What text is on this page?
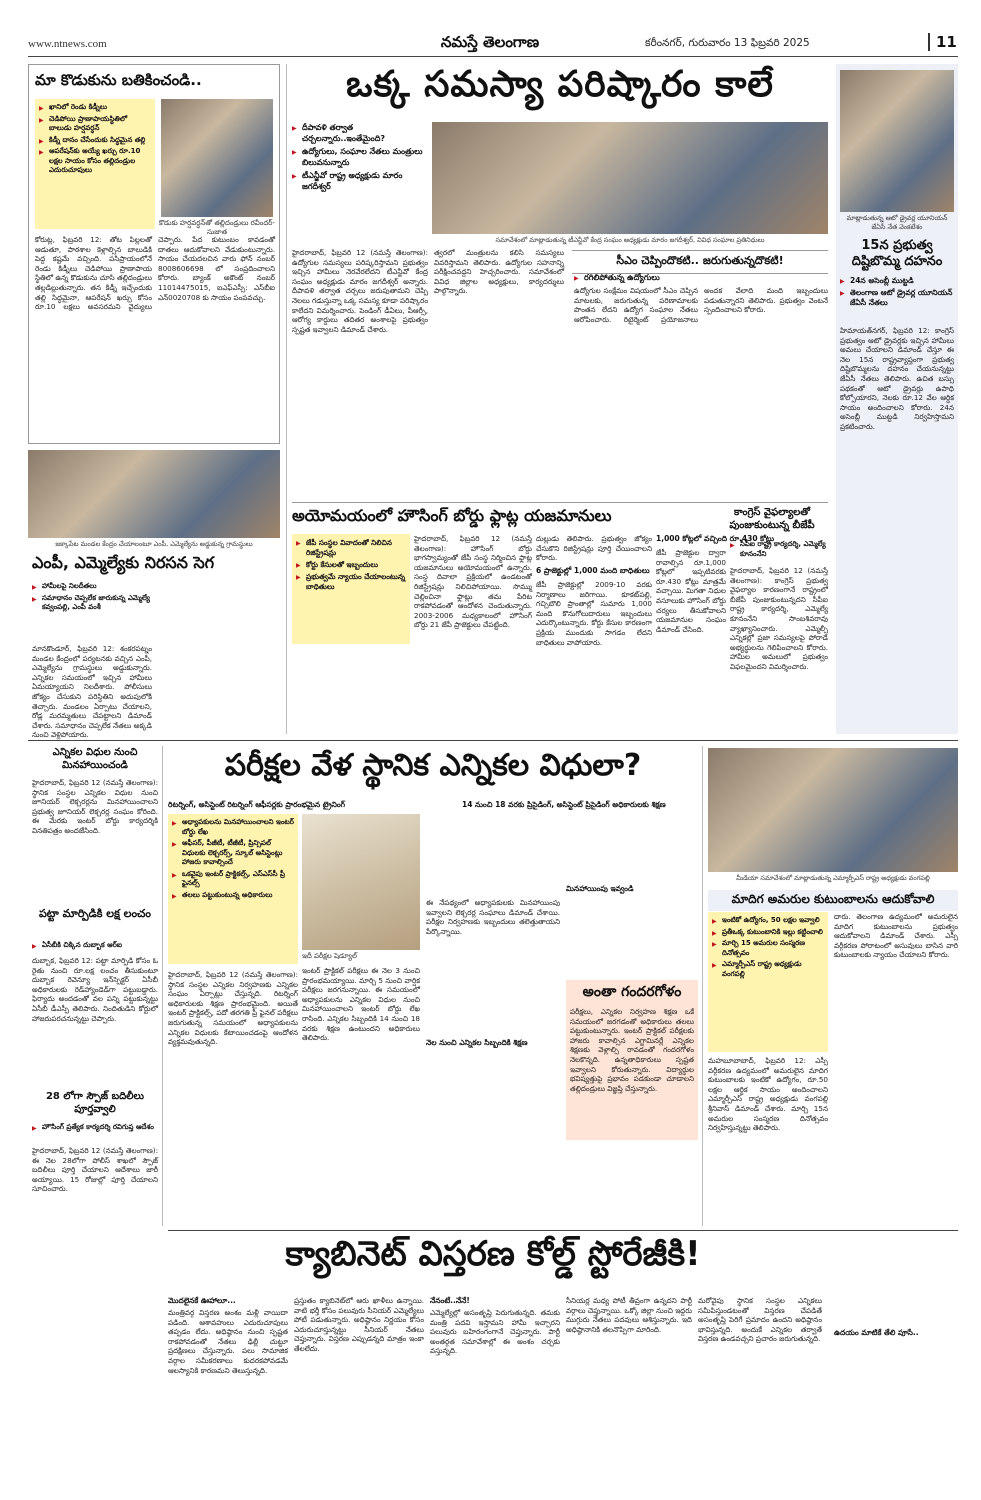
www.ntnews.com	నమస్తే తెలంగాణ	కరీంనగర్, గురువారం 13 ఫిబ్రవరి 2025	11
మా కొడుకును బతికించండి..
▶ ఖానిలో రెండు కిడ్నీలు
▶ చెడిపోయి ప్రాణాపాయస్థితిలో బాలుడు హర్షవర్ధన్
▶ కిడ్నీ దానం చేసేందుకు సిద్ధమైన తల్లి
▶ ఆపరేషన్‌కు అయ్యే ఖర్చు రూ.10 లక్షల సాయం కోసం తల్లిదండ్రుల ఎదురుచూపులు
కొడుకు హర్షవర్ధన్‌తో తల్లిదండ్రులు రవీందర్-సుజాత
కోరుట్ల, ఫిబ్రవరి 12: తోట పిల్లలతో ఆడుతూ, పాఠశాల కెళ్లాల్సిన బాలుడికి పెద్ద కష్టమే వచ్చింది. పసిప్రాయంలోనే రెండు కిడ్నీలు చెడిపోయి ప్రాణాపాయ స్థితిలో ఉన్న కొడుకును చూసి తల్లిదండ్రులు తల్లడిల్లుతున్నారు. తన కిడ్నీ ఇచ్చేందుకు తల్లి సిద్ధమైనా, ఆపరేషన్ ఖర్చు కోసం రూ.10 లక్షలు అవసరమని వైద్యులు చెప్పారు. పేద కుటుంబం కావడంతో దాతలు ఆదుకోవాలని వేడుకుంటున్నారు. సాయం చేయదలచిన వారు ఫోన్ నంబర్ 8008606698 లో సంప్రదించాలని కోరారు. బ్యాంక్ అకౌంట్ నంబర్ 11014475015, ఐఎఫ్ఎస్సీ: ఎస్‌బీఐ ఎన్0020708 కు సాయం పంపవచ్చు.
జక్కాపేట మండల కేంద్రం చేయాలంటూ ఎంపీ, ఎమ్మెల్యేను అడ్డుకున్న గ్రామస్థులు
ఎంపీ, ఎమ్మెల్యేకు నిరసన సెగ
▶ హామీలపై నిలదీతలు
▶ సమాధానం చెప్పలేక జారుకున్న ఎమ్మెల్యే కవ్వంపల్లి, ఎంపీ వంశీ
మానకొండూర్, ఫిబ్రవరి 12: శంకరపట్నం మండల కేంద్రంలో పర్యటనకు వచ్చిన ఎంపీ, ఎమ్మెల్యేను గ్రామస్థులు అడ్డుకున్నారు. ఎన్నికల సమయంలో ఇచ్చిన హామీలు ఏమయ్యాయని నిలదీశారు. పోలీసులు జోక్యం చేసుకుని పరిస్థితిని అదుపులోకి తెచ్చారు. మండలం ఏర్పాటు చేయాలని, రోడ్ల మరమ్మతులు చేపట్టాలని డిమాండ్ చేశారు. సమాధానం చెప్పలేక నేతలు అక్కడి నుంచి వెళ్లిపోయారు.
ఒక్క సమస్యా పరిష్కారం కాలే
▶ దీపావళి తర్వాత చర్చలన్నారు..ఇంతేమైంది?
▶ ఉద్యోగులు, సంఘాల నేతలు మంత్రులు బిలువనున్నారు
▶ టీఎన్జీవో రాష్ట్ర అధ్యక్షుడు మారం జగదీశ్వర్
సమావేశంలో మాట్లాడుతున్న టీఎన్జీవో కేంద్ర సంఘం అధ్యక్షుడు మారం జగదీశ్వర్, వివిధ సంఘాల ప్రతినిధులు
హైదరాబాద్, ఫిబ్రవరి 12 (నమస్తే తెలంగాణ): ఉద్యోగుల సమస్యలు పరిష్కరిస్తామని ప్రభుత్వం ఇచ్చిన హామీలు నెరవేరలేదని టీఎన్జీవో కేంద్ర సంఘం అధ్యక్షుడు మారం జగదీశ్వర్ అన్నారు. దీపావళి తర్వాత చర్చలు జరుపుతామని చెప్పి నెలలు గడుస్తున్నా ఒక్క సమస్య కూడా పరిష్కారం కాలేదని విమర్శించారు. పెండింగ్ డీఏలు, పీఆర్సీ, ఆరోగ్య కార్డులు తదితర అంశాలపై ప్రభుత్వం స్పష్టత ఇవ్వాలని డిమాండ్ చేశారు.
త్వరలో మంత్రులను కలిసి సమస్యలు వివరిస్తామని తెలిపారు. ఉద్యోగుల సహనాన్ని పరీక్షించవద్దని హెచ్చరించారు. సమావేశంలో వివిధ జిల్లాల అధ్యక్షులు, కార్యదర్శులు పాల్గొన్నారు.
సీఎం చెప్పిందొకటి.. జరుగుతున్నదొకటి!
▶ రగిలిపోతున్న ఉద్యోగులు
ఉద్యోగుల సంక్షేమం విషయంలో సీఎం చెప్పిన మాటలకు, జరుగుతున్న పరిణామాలకు పొంతన లేదని ఉద్యోగ సంఘాల నేతలు ఆరోపించారు. రిటైర్మెంట్ ప్రయోజనాలు అందక వేలాది మంది ఇబ్బందులు పడుతున్నారని తెలిపారు. ప్రభుత్వం వెంటనే స్పందించాలని కోరారు.
మాట్లాడుతున్న ఆటో డ్రైవర్ల యూనియన్ జేఏసీ నేత వెంకటేశం
15న ప్రభుత్వ దిష్టిబొమ్మ దహనం
▶ 24న అసెంబ్లీ ముట్టడి
▶ తెలంగాణ ఆటో డ్రైవర్ల యూనియన్ జేఏసీ నేతలు
హిమాయత్‌నగర్, ఫిబ్రవరి 12: కాంగ్రెస్ ప్రభుత్వం ఆటో డ్రైవర్లకు ఇచ్చిన హామీలు అమలు చేయాలని డిమాండ్ చేస్తూ ఈ నెల 15న రాష్ట్రవ్యాప్తంగా ప్రభుత్వ దిష్టిబొమ్మలను దహనం చేయనున్నట్టు జేఏసీ నేతలు తెలిపారు. ఉచిత బస్సు పథకంతో ఆటో డ్రైవర్లు ఉపాధి కోల్పోయారని, నెలకు రూ.12 వేల ఆర్థిక సాయం అందించాలని కోరారు. 24న అసెంబ్లీ ముట్టడి నిర్వహిస్తామని ప్రకటించారు.
అయోమయంలో హౌసింగ్ బోర్డు ఫ్లాట్ల యజమానులు
▶ జేపీ సంస్థల వివాదంతో నిలిచిన రిజిస్ట్రేషన్లు
▶ కోర్టు కేసులతో ఇబ్బందులు
▶ ప్రభుత్వమే న్యాయం చేయాలంటున్న బాధితులు
హైదరాబాద్, ఫిబ్రవరి 12 (నమస్తే తెలంగాణ): హౌసింగ్ బోర్డు భాగస్వామ్యంతో జేపీ సంస్థ నిర్మించిన ఫ్లాట్ల యజమానులు అయోమయంలో ఉన్నారు. సంస్థ దివాలా ప్రక్రియలో ఉండటంతో రిజిస్ట్రేషన్లు నిలిచిపోయాయి. సొమ్ము చెల్లించినా ఫ్లాట్లు తమ పేరిట రాకపోవడంతో ఆందోళన చెందుతున్నారు. 2003-2006 మధ్యకాలంలో హౌసింగ్ బోర్డు 21 జేపీ ప్రాజెక్టులు చేపట్టింది.
దుల్లుడు తెలిపారు. ప్రభుత్వం జోక్యం చేసుకొని రిజిస్ట్రేషన్లు పూర్తి చేయించాలని కోరారు.
6 ప్రాజెక్టుల్లో 1,000 మంది బాధితులు
జేపీ ప్రాజెక్టుల్లో 2009-10 వరకు నిర్మాణాలు జరిగాయి. కూకట్‌పల్లి, గచ్చిబౌలి ప్రాంతాల్లో సుమారు 1,000 మంది కొనుగోలుదారులు ఇబ్బందులు ఎదుర్కొంటున్నారు. కోర్టు కేసుల కారణంగా ప్రక్రియ ముందుకు సాగడం లేదని బాధితులు వాపోయారు.
1,000 కోట్లలో వచ్చింది రూ.430 కోట్లు
జేపీ ప్రాజెక్టుల ద్వారా రావాల్సిన రూ.1,000 కోట్లలో ఇప్పటివరకు రూ.430 కోట్లు మాత్రమే వచ్చాయి. మిగతా నిధుల వసూలుకు హౌసింగ్ బోర్డు చర్యలు తీసుకోవాలని యజమానుల సంఘం డిమాండ్ చేసింది.
కాంగ్రెస్ వైఫల్యాలతో పుంజుకుంటున్న బీజేపీ
▶ సీపీఐ రాష్ట్ర కార్యదర్శి, ఎమ్మెల్యే కూనంనేని
హైదరాబాద్, ఫిబ్రవరి 12 (నమస్తే తెలంగాణ): కాంగ్రెస్ ప్రభుత్వ వైఫల్యాల కారణంగానే రాష్ట్రంలో బీజేపీ పుంజుకుంటున్నదని సీపీఐ రాష్ట్ర కార్యదర్శి, ఎమ్మెల్యే కూనంనేని సాంబశివరావు వ్యాఖ్యానించారు. ఎమ్మెల్సీ ఎన్నికల్లో ప్రజా సమస్యలపై పోరాడే అభ్యర్థులను గెలిపించాలని కోరారు. హామీల అమలులో ప్రభుత్వం విఫలమైందని విమర్శించారు.
ఎన్నికల విధుల నుంచి మినహాయించండి
హైదరాబాద్, ఫిబ్రవరి 12 (నమస్తే తెలంగాణ): స్థానిక సంస్థల ఎన్నికల విధుల నుంచి జూనియర్ లెక్చరర్లను మినహాయించాలని ప్రభుత్వ జూనియర్ లెక్చరర్ల సంఘం కోరింది. ఈ మేరకు ఇంటర్ బోర్డు కార్యదర్శికి వినతిపత్రం అందజేసింది.
పట్టా మార్పిడికి లక్ష లంచం
▶ ఏసీబీకి చిక్కిన దుబ్బాక ఆర్‌ఐ
దుబ్బాక, ఫిబ్రవరి 12: పట్టా మార్పిడి కోసం ఓ రైతు నుంచి రూ.లక్ష లంచం తీసుకుంటూ దుబ్బాక రెవెన్యూ ఇన్‌స్పెక్టర్ ఏసీబీ అధికారులకు రెడ్‌హ్యాండెడ్‌గా పట్టుబడ్డారు. ఫిర్యాదు అందడంతో వల పన్ని పట్టుకున్నట్టు ఏసీబీ డీఎస్పీ తెలిపారు. నిందితుడిని కోర్టులో హాజరుపరచనున్నట్టు చెప్పారు.
28 లోగా స్పౌజ్ బదిలీలు పూర్తవ్వాలి
▶ హౌసింగ్ ప్రత్యేక కార్యదర్శి రవిగుప్త ఆదేశం
హైదరాబాద్, ఫిబ్రవరి 12 (నమస్తే తెలంగాణ): ఈ నెల 28లోగా పోలీస్ శాఖలో స్పౌజ్ బదిలీలు పూర్తి చేయాలని ఆదేశాలు జారీ అయ్యాయి. 15 రోజుల్లో పూర్తి చేయాలని సూచించారు.
పరీక్షల వేళ స్థానిక ఎన్నికల విధులా?
రిటర్నింగ్, అసిస్టెంట్ రిటర్నింగ్ ఆఫీసర్లకు ప్రారంభమైన ట్రైనింగ్	14 నుంచి 18 వరకు ప్రిసైడింగ్, అసిస్టెంట్ ప్రిసైడింగ్ అధికారులకు శిక్షణ
▶ అధ్యాపకులను మినహాయించాలని ఇంటర్ బోర్డు లేఖ
▶ ఆఫీసర్, పీజీటీ, టీజీటీ, ప్రిన్సిపల్ విధులకు లెక్చరర్స్, స్కూల్ అసిస్టెంట్లు హాజరు కావాల్సిందే
▶ ఒకవైపు ఇంటర్ ప్రాక్టికల్స్, ఎస్‌ఎస్‌సీ ప్రీ ఫైనల్స్
▶ తలలు పట్టుకుంటున్న అధికారులు
ఇదీ పరీక్షల షెడ్యూల్
హైదరాబాద్, ఫిబ్రవరి 12 (నమస్తే తెలంగాణ): స్థానిక సంస్థల ఎన్నికల నిర్వహణకు ఎన్నికల సంఘం ఏర్పాట్లు చేస్తున్నది. రిటర్నింగ్ అధికారులకు శిక్షణ ప్రారంభమైంది. అయితే ఇంటర్ ప్రాక్టికల్స్, పదో తరగతి ప్రీ ఫైనల్ పరీక్షలు జరుగుతున్న సమయంలో అధ్యాపకులను ఎన్నికల విధులకు కేటాయించడంపై ఆందోళన వ్యక్తమవుతున్నది.
ఇంటర్ ప్రాక్టికల్ పరీక్షలు ఈ నెల 3 నుంచి ప్రారంభమయ్యాయి. మార్చి 5 నుంచి వార్షిక పరీక్షలు జరగనున్నాయి. ఈ సమయంలో అధ్యాపకులను ఎన్నికల విధుల నుంచి మినహాయించాలని ఇంటర్ బోర్డు లేఖ రాసింది. ఎన్నికల సిబ్బందికి 14 నుంచి 18 వరకు శిక్షణ ఉంటుందని అధికారులు తెలిపారు.
నెల నుంచి ఎన్నికల సిబ్బందికి శిక్షణ
ఈ నేపథ్యంలో అధ్యాపకులకు మినహాయింపు ఇవ్వాలని లెక్చరర్ల సంఘాలు డిమాండ్ చేశాయి. పరీక్షల నిర్వహణకు ఇబ్బందులు తలెత్తుతాయని పేర్కొన్నాయి.
మినహాయింపు ఇవ్వండి
అంతా గందరగోళం
పరీక్షలు, ఎన్నికల నిర్వహణ శిక్షణ ఒకే సమయంలో జరగడంతో అధికారులు తలలు పట్టుకుంటున్నారు. ఇంటర్ ప్రాక్టికల్ పరీక్షలకు హాజరు కావాల్సిన ఎగ్జామినర్లే ఎన్నికల శిక్షణకు వెళ్లాల్సి రావడంతో గందరగోళం నెలకొన్నది. ఉన్నతాధికారులు స్పష్టత ఇవ్వాలని కోరుతున్నారు. విద్యార్థుల భవిష్యత్తుపై ప్రభావం పడకుండా చూడాలని తల్లిదండ్రులు విజ్ఞప్తి చేస్తున్నారు.
మీడియా సమావేశంలో మాట్లాడుతున్న ఎమ్మార్పీఎస్ రాష్ట్ర అధ్యక్షుడు వంగపల్లి
మాదిగ అమరుల కుటుంబాలను ఆదుకోవాలి
▶ ఇంటికో ఉద్యోగం, 50 లక్షల ఇవ్వాలి
▶ ప్రతీఒక్క కుటుంబానికి ఇల్లు కట్టించాలి
▶ మార్చి 15 అమరుల సంస్మరణ దినోత్సవం
▶ ఎమ్మార్పీఎస్ రాష్ట్ర అధ్యక్షుడు వంగపల్లి
దారు. తెలంగాణ ఉద్యమంలో అమరులైన మాదిగ కుటుంబాలను ప్రభుత్వం ఆదుకోవాలని డిమాండ్ చేశారు. ఎస్సీ వర్గీకరణ పోరాటంలో అసువులు బాసిన వారి కుటుంబాలకు న్యాయం చేయాలని కోరారు.
మహబూబాబాద్, ఫిబ్రవరి 12: ఎస్సీ వర్గీకరణ ఉద్యమంలో అమరులైన మాదిగ కుటుంబాలకు ఇంటికో ఉద్యోగం, రూ.50 లక్షల ఆర్థిక సాయం అందించాలని ఎమ్మార్పీఎస్ రాష్ట్ర అధ్యక్షుడు వంగపల్లి శ్రీనివాస్ డిమాండ్ చేశారు. మార్చి 15న అమరుల సంస్మరణ దినోత్సవం నిర్వహిస్తున్నట్టు తెలిపారు.
క్యాబినెట్ విస్తరణ కోల్డ్ స్టోరేజీకి!
మొదలైనకే ఊహాలూ...
మంత్రివర్గ విస్తరణ అంశం మళ్లీ వాయిదా పడింది. ఆశావహులు ఎదురుచూపులు తప్పడం లేదు. అధిష్ఠానం నుంచి స్పష్టత రాకపోవడంతో నేతలు ఢిల్లీ చుట్టూ ప్రదక్షిణలు చేస్తున్నారు. పలు సామాజిక వర్గాల సమీకరణాలు కుదరకపోవడమే ఆలస్యానికి కారణమని తెలుస్తున్నది.
ప్రస్తుతం క్యాబినెట్‌లో ఆరు ఖాళీలు ఉన్నాయి. వాటి భర్తీ కోసం పలువురు సీనియర్ ఎమ్మెల్యేలు పోటీ పడుతున్నారు. అధిష్ఠానం నిర్ణయం కోసం ఎదురుచూస్తున్నట్టు సీనియర్ నేతలు చెప్తున్నారు. విస్తరణ ఎప్పుడన్నది మాత్రం ఇంకా తేలలేదు.
నేనంటే..నేనే!
ఎమ్మెల్యేల్లో అసంతృప్తి పెరుగుతున్నది. తమకు మంత్రి పదవి ఇస్తామని హామీ ఇచ్చారని పలువురు బహిరంగంగానే చెప్తున్నారు. పార్టీ అంతర్గత సమావేశాల్లో ఈ అంశం చర్చకు వస్తున్నది.
సీనియర్ల మధ్య పోటీ తీవ్రంగా ఉన్నదని పార్టీ వర్గాలు చెప్తున్నాయి. ఒక్కో జిల్లా నుంచి ఇద్దరు ముగ్గురు నేతలు పదవులు ఆశిస్తున్నారు. ఇది అధిష్ఠానానికి తలనొప్పిగా మారింది.
మరోవైపు స్థానిక సంస్థల ఎన్నికలు సమీపిస్తుండటంతో విస్తరణ చేపడితే అసంతృప్తి పెరిగే ప్రమాదం ఉందని అధిష్ఠానం భావిస్తున్నది. అందుకే ఎన్నికల తర్వాతే విస్తరణ ఉండవచ్చని ప్రచారం జరుగుతున్నది.
ఉదయం మాటికే తేలి పూసే..
